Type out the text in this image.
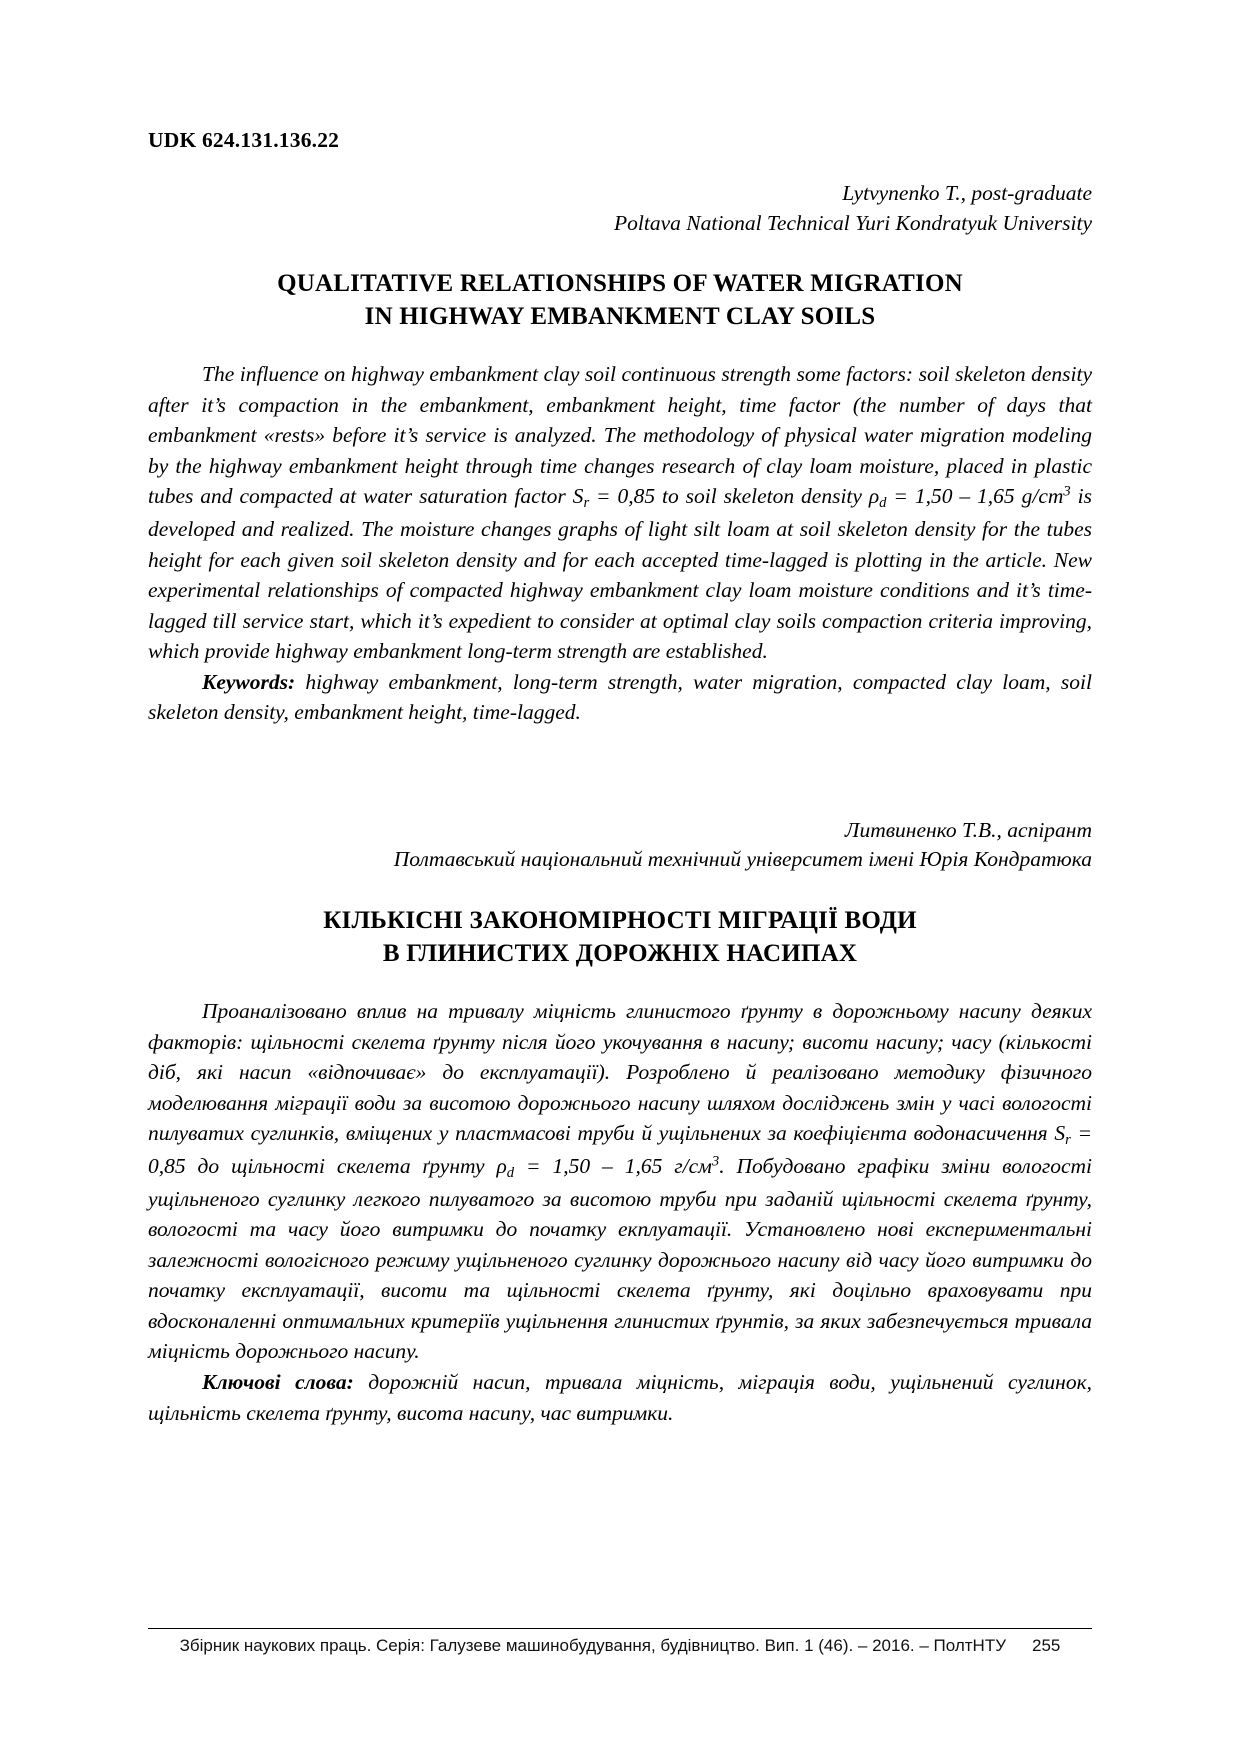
UDK 624.131.136.22
Lytvynenko T., post-graduate
Poltava National Technical Yuri Kondratyuk University
QUALITATIVE RELATIONSHIPS OF WATER MIGRATION
IN HIGHWAY EMBANKMENT CLAY SOILS

The influence on highway embankment clay soil continuous strength some factors: soil skeleton density after it’s compaction in the embankment, embankment height, time factor (the number of days that embankment «rests» before it’s service is analyzed. The methodology of physical water migration modeling by the highway embankment height through time changes research of clay loam moisture, placed in plastic tubes and compacted at water saturation factor $S_r = 0,85$ to soil skeleton density $\rho_d = 1,50 - 1,65$ $g/cm^3$ is developed and realized. The moisture changes graphs of light silt loam at soil skeleton density for the tubes height for each given soil skeleton density and for each accepted time-lagged is plotting in the article. New experimental relationships of compacted highway embankment clay loam moisture conditions and it’s time-lagged till service start, which it’s expedient to consider at optimal clay soils compaction criteria improving, which provide highway embankment long-term strength are established.

Keywords: highway embankment, long-term strength, water migration, compacted clay loam, soil skeleton density, embankment height, time-lagged.

Литвиненко Т.В., аспірант
Полтавський національний технічний університет імені Юрія Кондратюка
КІЛЬКІСНІ ЗАКОНОМІРНОСТІ МІГРАЦІЇ ВОДИ
В ГЛИНИСТИХ ДОРОЖНІХ НАСИПАХ

Проаналізовано вплив на тривалу міцність глинистого ґрунту в дорожньому насипу деяких факторів: щільності скелета ґрунту після його укочування в насипу; висоти насипу; часу (кількості діб, які насип «відпочиває» до експлуатації). Розроблено й реалізовано методику фізичного моделювання міграції води за висотою дорожнього насипу шляхом досліджень змін у часі вологості пилуватих суглинків, вміщених у пластмасові труби й ущільнених за коефіцієнта водонасичення $S_r = 0,85$ до щільності скелета ґрунту $\rho_d = 1,50 - 1,65$ $г/см^3$. Побудовано графіки зміни вологості ущільненого суглинку легкого пилуватого за висотою труби при заданій щільності скелета ґрунту, вологості та часу його витримки до початку екплуатації. Установлено нові експериментальні залежності вологісного режиму ущільненого суглинку дорожнього насипу від часу його витримки до початку експлуатації, висоти та щільності скелета ґрунту, які доцільно враховувати при вдосконаленні оптимальних критеріїв ущільнення глинистих ґрунтів, за яких забезпечується тривала міцність дорожнього насипу.

Ключові слова: дорожній насип, тривала міцність, міграція води, ущільнений суглинок, щільність скелета ґрунту, висота насипу, час витримки.

Збірник наукових праць. Серія: Галузеве машинобудування, будівництво. Вип. 1 (46). – 2016. – ПолтНТУ 255
